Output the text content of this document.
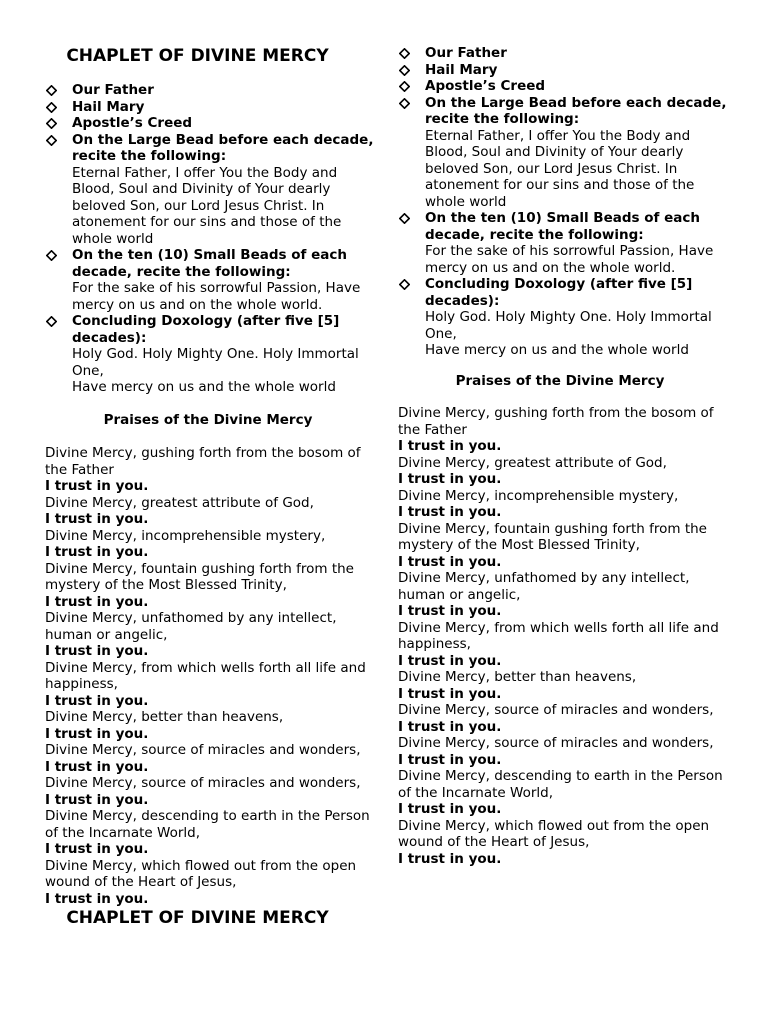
CHAPLET OF DIVINE MERCY
Our Father
Hail Mary
Apostle’s Creed
On the Large Bead before each decade, recite the following:
Eternal Father, I offer You the Body and Blood, Soul and Divinity of Your dearly beloved Son, our Lord Jesus Christ. In atonement for our sins and those of the whole world
On the ten (10) Small Beads of each decade, recite the following:
For the sake of his sorrowful Passion, Have mercy on us and on the whole world.
Concluding Doxology (after five [5] decades):
Holy God. Holy Mighty One. Holy Immortal One,
Have mercy on us and the whole world
Praises of the Divine Mercy
Divine Mercy, gushing forth from the bosom of the Father
I trust in you.
Divine Mercy, greatest attribute of God,
I trust in you.
Divine Mercy, incomprehensible mystery,
I trust in you.
Divine Mercy, fountain gushing forth from the mystery of the Most Blessed Trinity,
I trust in you.
Divine Mercy, unfathomed by any intellect, human or angelic,
I trust in you.
Divine Mercy, from which wells forth all life and happiness,
I trust in you.
Divine Mercy, better than heavens,
I trust in you.
Divine Mercy, source of miracles and wonders,
I trust in you.
Divine Mercy, source of miracles and wonders,
I trust in you.
Divine Mercy, descending to earth in the Person of the Incarnate World,
I trust in you.
Divine Mercy, which flowed out from the open wound of the Heart of Jesus,
I trust in you.
CHAPLET OF DIVINE MERCY
Our Father
Hail Mary
Apostle’s Creed
On the Large Bead before each decade, recite the following:
Eternal Father, I offer You the Body and Blood, Soul and Divinity of Your dearly beloved Son, our Lord Jesus Christ. In atonement for our sins and those of the whole world
On the ten (10) Small Beads of each decade, recite the following:
For the sake of his sorrowful Passion, Have mercy on us and on the whole world.
Concluding Doxology (after five [5] decades):
Holy God. Holy Mighty One. Holy Immortal One,
Have mercy on us and the whole world
Praises of the Divine Mercy
Divine Mercy, gushing forth from the bosom of the Father
I trust in you.
Divine Mercy, greatest attribute of God,
I trust in you.
Divine Mercy, incomprehensible mystery,
I trust in you.
Divine Mercy, fountain gushing forth from the mystery of the Most Blessed Trinity,
I trust in you.
Divine Mercy, unfathomed by any intellect, human or angelic,
I trust in you.
Divine Mercy, from which wells forth all life and happiness,
I trust in you.
Divine Mercy, better than heavens,
I trust in you.
Divine Mercy, source of miracles and wonders,
I trust in you.
Divine Mercy, source of miracles and wonders,
I trust in you.
Divine Mercy, descending to earth in the Person of the Incarnate World,
I trust in you.
Divine Mercy, which flowed out from the open wound of the Heart of Jesus,
I trust in you.
